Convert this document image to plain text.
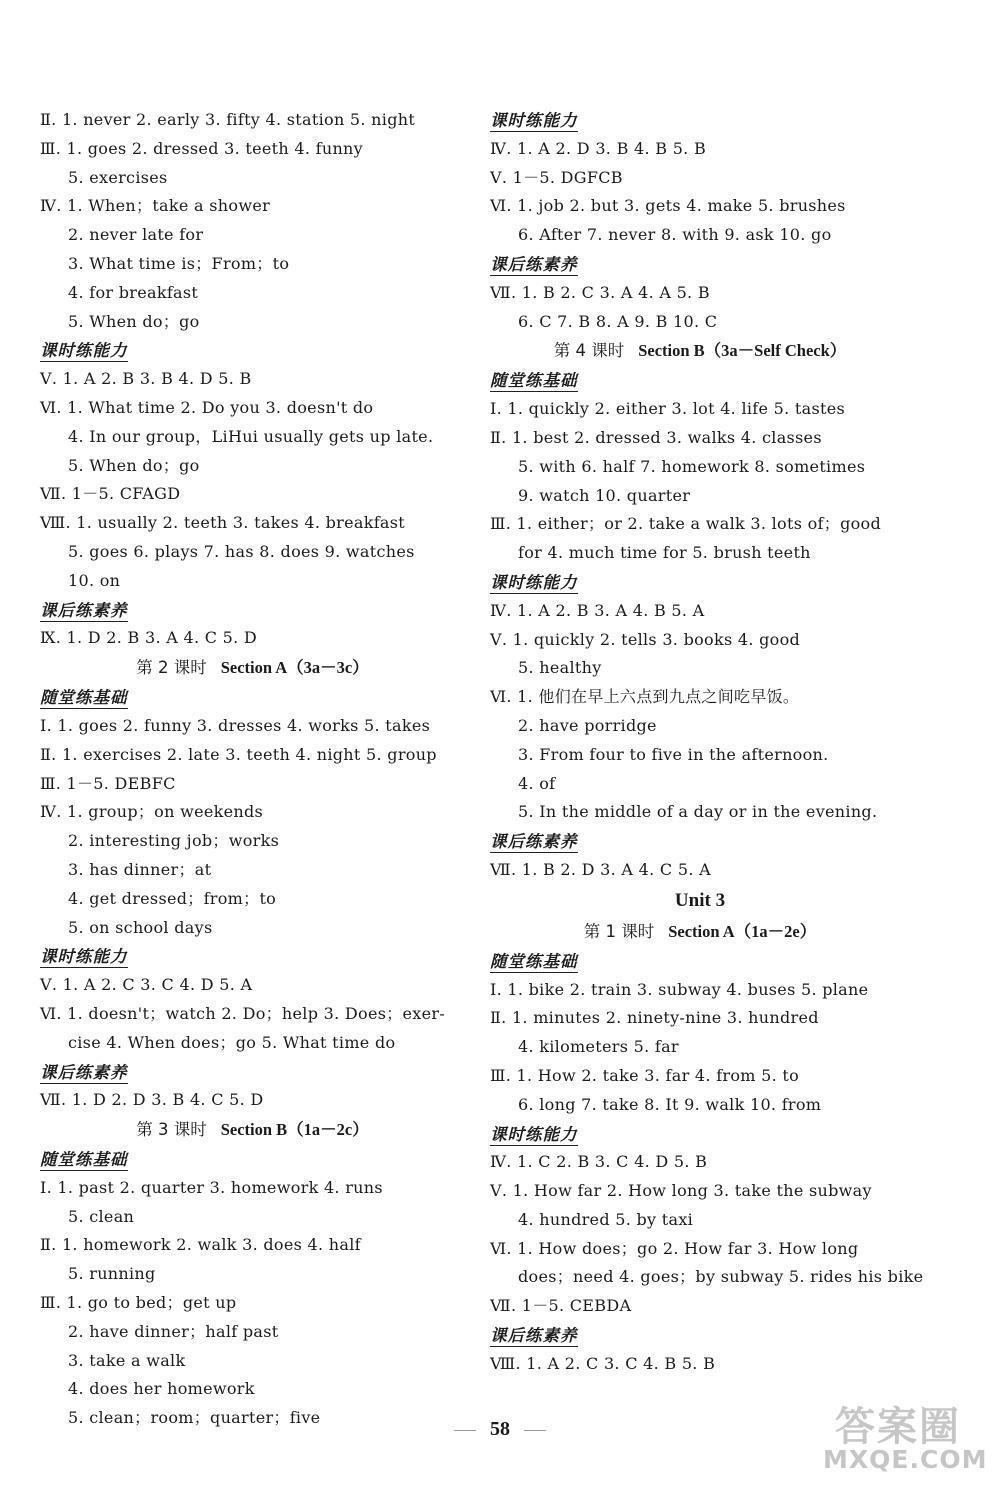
Ⅱ. 1. never 2. early 3. fifty 4. station 5. night
Ⅲ. 1. goes 2. dressed 3. teeth 4. funny
5. exercises
Ⅳ. 1. When；take a shower
2. never late for
3. What time is；From；to
4. for breakfast
5. When do；go
课时练能力
Ⅴ. 1. A 2. B 3. B 4. D 5. B
Ⅵ. 1. What time 2. Do you 3. doesn't do
4. In our group，LiHui usually gets up late.
5. When do；go
Ⅶ. 1－5. CFAGD
Ⅷ. 1. usually 2. teeth 3. takes 4. breakfast
5. goes 6. plays 7. has 8. does 9. watches
10. on
课后练素养
Ⅸ. 1. D 2. B 3. A 4. C 5. D
第 2 课时 Section A（3a－3c）
随堂练基础
Ⅰ. 1. goes 2. funny 3. dresses 4. works 5. takes
Ⅱ. 1. exercises 2. late 3. teeth 4. night 5. group
Ⅲ. 1－5. DEBFC
Ⅳ. 1. group；on weekends
2. interesting job；works
3. has dinner；at
4. get dressed；from；to
5. on school days
课时练能力
Ⅴ. 1. A 2. C 3. C 4. D 5. A
Ⅵ. 1. doesn't；watch 2. Do；help 3. Does；exer-
cise 4. When does；go 5. What time do
课后练素养
Ⅶ. 1. D 2. D 3. B 4. C 5. D
第 3 课时 Section B（1a－2c）
随堂练基础
Ⅰ. 1. past 2. quarter 3. homework 4. runs
5. clean
Ⅱ. 1. homework 2. walk 3. does 4. half
5. running
Ⅲ. 1. go to bed；get up
2. have dinner；half past
3. take a walk
4. does her homework
5. clean；room；quarter；five
课时练能力
Ⅳ. 1. A 2. D 3. B 4. B 5. B
Ⅴ. 1－5. DGFCB
Ⅵ. 1. job 2. but 3. gets 4. make 5. brushes
6. After 7. never 8. with 9. ask 10. go
课后练素养
Ⅶ. 1. B 2. C 3. A 4. A 5. B
6. C 7. B 8. A 9. B 10. C
第 4 课时 Section B（3a－Self Check）
随堂练基础
Ⅰ. 1. quickly 2. either 3. lot 4. life 5. tastes
Ⅱ. 1. best 2. dressed 3. walks 4. classes
5. with 6. half 7. homework 8. sometimes
9. watch 10. quarter
Ⅲ. 1. either；or 2. take a walk 3. lots of；good
for 4. much time for 5. brush teeth
课时练能力
Ⅳ. 1. A 2. B 3. A 4. B 5. A
Ⅴ. 1. quickly 2. tells 3. books 4. good
5. healthy
Ⅵ. 1. 他们在早上六点到九点之间吃早饭。
2. have porridge
3. From four to five in the afternoon.
4. of
5. In the middle of a day or in the evening.
课后练素养
Ⅶ. 1. B 2. D 3. A 4. C 5. A
Unit 3
第 1 课时 Section A（1a－2e）
随堂练基础
Ⅰ. 1. bike 2. train 3. subway 4. buses 5. plane
Ⅱ. 1. minutes 2. ninety-nine 3. hundred
4. kilometers 5. far
Ⅲ. 1. How 2. take 3. far 4. from 5. to
6. long 7. take 8. It 9. walk 10. from
课时练能力
Ⅳ. 1. C 2. B 3. C 4. D 5. B
Ⅴ. 1. How far 2. How long 3. take the subway
4. hundred 5. by taxi
Ⅵ. 1. How does；go 2. How far 3. How long
does；need 4. goes；by subway 5. rides his bike
Ⅶ. 1－5. CEBDA
课后练素养
Ⅷ. 1. A 2. C 3. C 4. B 5. B
58	答案圈
MXQE.COM
